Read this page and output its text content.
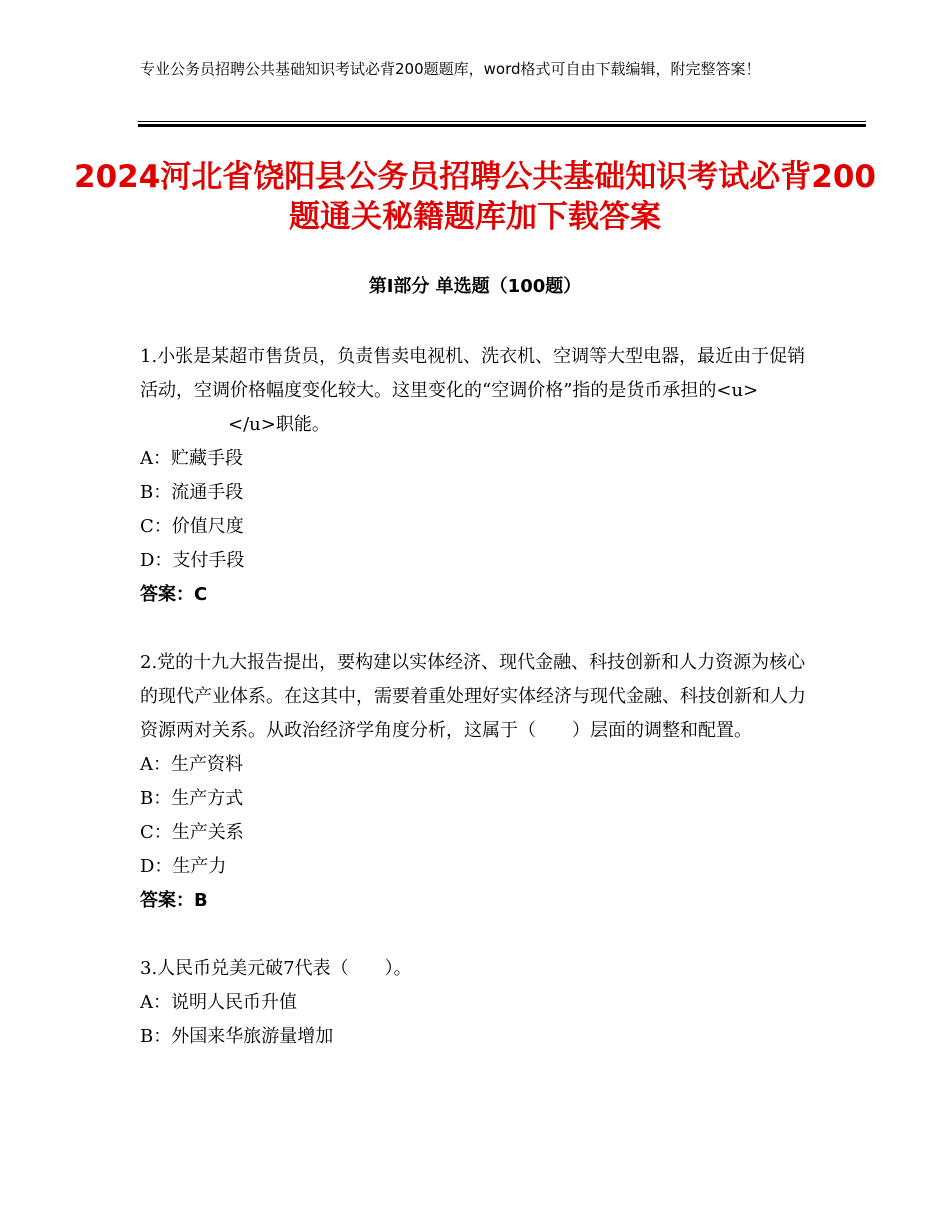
专业公务员招聘公共基础知识考试必背200题题库，word格式可自由下载编辑，附完整答案！
2024河北省饶阳县公务员招聘公共基础知识考试必背200题通关秘籍题库加下载答案
第Ⅰ部分 单选题（100题）

1.小张是某超市售货员，负责售卖电视机、洗衣机、空调等大型电器，最近由于促销活动，空调价格幅度变化较大。这里变化的“空调价格”指的是货币承担的<u></u>职能。

A：贮藏手段

B：流通手段

C：价值尺度

D：支付手段

答案：C

2.党的十九大报告提出，要构建以实体经济、现代金融、科技创新和人力资源为核心的现代产业体系。在这其中，需要着重处理好实体经济与现代金融、科技创新和人力资源两对关系。从政治经济学角度分析，这属于（　　）层面的调整和配置。

A：生产资料

B：生产方式

C：生产关系

D：生产力

答案：B

3.人民币兑美元破7代表（　　）。

A：说明人民币升值

B：外国来华旅游量增加
